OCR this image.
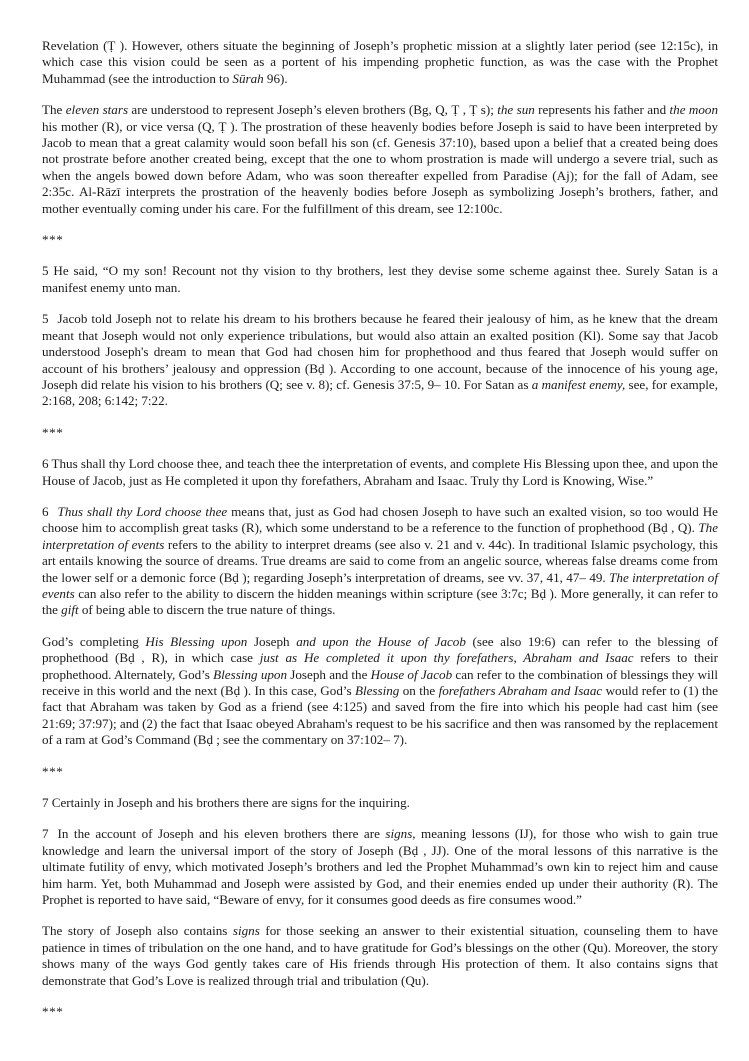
Revelation (Ṭ ). However, others situate the beginning of Joseph’s prophetic mission at a slightly later period (see 12:15c), in which case this vision could be seen as a portent of his impending prophetic function, as was the case with the Prophet Muhammad (see the introduction to Sūrah 96).

The eleven stars are understood to represent Joseph’s eleven brothers (Bg, Q, Ṭ , Ṭ s); the sun represents his father and the moon his mother (R), or vice versa (Q, Ṭ ). The prostration of these heavenly bodies before Joseph is said to have been interpreted by Jacob to mean that a great calamity would soon befall his son (cf. Genesis 37:10), based upon a belief that a created being does not prostrate before another created being, except that the one to whom prostration is made will undergo a severe trial, such as when the angels bowed down before Adam, who was soon thereafter expelled from Paradise (Aj); for the fall of Adam, see 2:35c. Al-Rāzī interprets the prostration of the heavenly bodies before Joseph as symbolizing Joseph’s brothers, father, and mother eventually coming under his care. For the fulfillment of this dream, see 12:100c.

***

5 He said, “O my son! Recount not thy vision to thy brothers, lest they devise some scheme against thee. Surely Satan is a manifest enemy unto man.

5 Jacob told Joseph not to relate his dream to his brothers because he feared their jealousy of him, as he knew that the dream meant that Joseph would not only experience tribulations, but would also attain an exalted position (Kl). Some say that Jacob understood Joseph's dream to mean that God had chosen him for prophethood and thus feared that Joseph would suffer on account of his brothers’ jealousy and oppression (Bḍ ). According to one account, because of the innocence of his young age, Joseph did relate his vision to his brothers (Q; see v. 8); cf. Genesis 37:5, 9– 10. For Satan as a manifest enemy, see, for example, 2:168, 208; 6:142; 7:22.

***

6 Thus shall thy Lord choose thee, and teach thee the interpretation of events, and complete His Blessing upon thee, and upon the House of Jacob, just as He completed it upon thy forefathers, Abraham and Isaac. Truly thy Lord is Knowing, Wise.”

6 Thus shall thy Lord choose thee means that, just as God had chosen Joseph to have such an exalted vision, so too would He choose him to accomplish great tasks (R), which some understand to be a reference to the function of prophethood (Bḍ , Q). The interpretation of events refers to the ability to interpret dreams (see also v. 21 and v. 44c). In traditional Islamic psychology, this art entails knowing the source of dreams. True dreams are said to come from an angelic source, whereas false dreams come from the lower self or a demonic force (Bḍ ); regarding Joseph’s interpretation of dreams, see vv. 37, 41, 47– 49. The interpretation of events can also refer to the ability to discern the hidden meanings within scripture (see 3:7c; Bḍ ). More generally, it can refer to the gift of being able to discern the true nature of things.

God’s completing His Blessing upon Joseph and upon the House of Jacob (see also 19:6) can refer to the blessing of prophethood (Bḍ , R), in which case just as He completed it upon thy forefathers, Abraham and Isaac refers to their prophethood. Alternately, God’s Blessing upon Joseph and the House of Jacob can refer to the combination of blessings they will receive in this world and the next (Bḍ ). In this case, God’s Blessing on the forefathers Abraham and Isaac would refer to (1) the fact that Abraham was taken by God as a friend (see 4:125) and saved from the fire into which his people had cast him (see 21:69; 37:97); and (2) the fact that Isaac obeyed Abraham's request to be his sacrifice and then was ransomed by the replacement of a ram at God’s Command (Bḍ ; see the commentary on 37:102– 7).

***

7 Certainly in Joseph and his brothers there are signs for the inquiring.

7 In the account of Joseph and his eleven brothers there are signs, meaning lessons (IJ), for those who wish to gain true knowledge and learn the universal import of the story of Joseph (Bḍ , JJ). One of the moral lessons of this narrative is the ultimate futility of envy, which motivated Joseph’s brothers and led the Prophet Muhammad’s own kin to reject him and cause him harm. Yet, both Muhammad and Joseph were assisted by God, and their enemies ended up under their authority (R). The Prophet is reported to have said, “Beware of envy, for it consumes good deeds as fire consumes wood.”

The story of Joseph also contains signs for those seeking an answer to their existential situation, counseling them to have patience in times of tribulation on the one hand, and to have gratitude for God’s blessings on the other (Qu). Moreover, the story shows many of the ways God gently takes care of His friends through His protection of them. It also contains signs that demonstrate that God’s Love is realized through trial and tribulation (Qu).

***
